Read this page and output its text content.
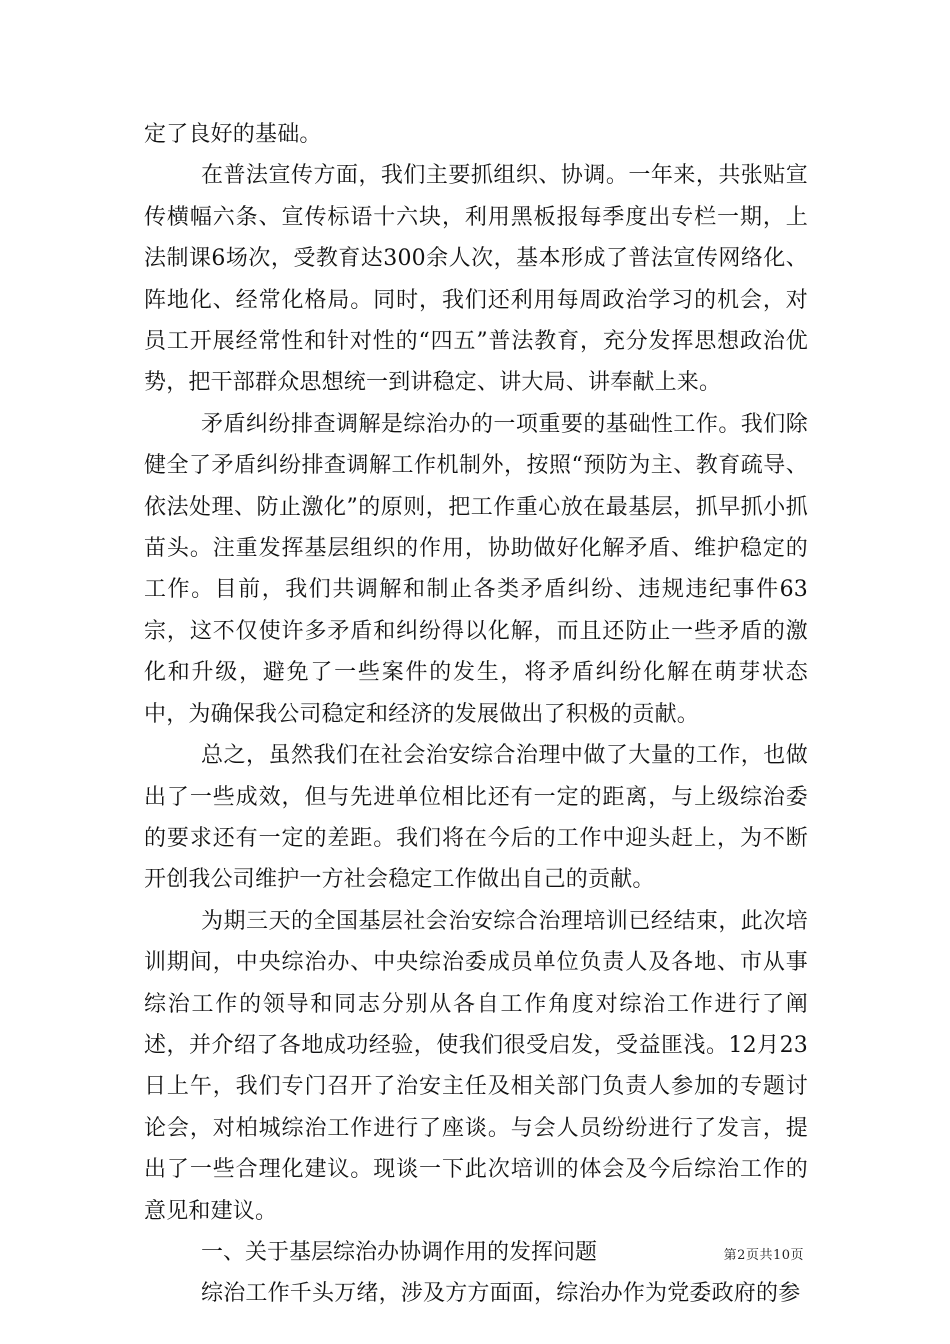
定了良好的基础。

在普法宣传方面，我们主要抓组织、协调。一年来，共张贴宣传横幅六条、宣传标语十六块，利用黑板报每季度出专栏一期，上法制课6场次，受教育达300余人次，基本形成了普法宣传网络化、阵地化、经常化格局。同时，我们还利用每周政治学习的机会，对员工开展经常性和针对性的“四五”普法教育，充分发挥思想政治优势，把干部群众思想统一到讲稳定、讲大局、讲奉献上来。

矛盾纠纷排查调解是综治办的一项重要的基础性工作。我们除健全了矛盾纠纷排查调解工作机制外，按照“预防为主、教育疏导、依法处理、防止激化”的原则，把工作重心放在最基层，抓早抓小抓苗头。注重发挥基层组织的作用，协助做好化解矛盾、维护稳定的工作。目前，我们共调解和制止各类矛盾纠纷、违规违纪事件63宗，这不仅使许多矛盾和纠纷得以化解，而且还防止一些矛盾的激化和升级，避免了一些案件的发生，将矛盾纠纷化解在萌芽状态中，为确保我公司稳定和经济的发展做出了积极的贡献。

总之，虽然我们在社会治安综合治理中做了大量的工作，也做出了一些成效，但与先进单位相比还有一定的距离，与上级综治委的要求还有一定的差距。我们将在今后的工作中迎头赶上，为不断开创我公司维护一方社会稳定工作做出自己的贡献。

为期三天的全国基层社会治安综合治理培训已经结束，此次培训期间，中央综治办、中央综治委成员单位负责人及各地、市从事综治工作的领导和同志分别从各自工作角度对综治工作进行了阐述，并介绍了各地成功经验，使我们很受启发，受益匪浅。12月23日上午，我们专门召开了治安主任及相关部门负责人参加的专题讨论会，对柏城综治工作进行了座谈。与会人员纷纷进行了发言，提出了一些合理化建议。现谈一下此次培训的体会及今后综治工作的意见和建议。

一、关于基层综治办协调作用的发挥问题

综治工作千头万绪，涉及方方面面，综治办作为党委政府的参

第2页共10页
